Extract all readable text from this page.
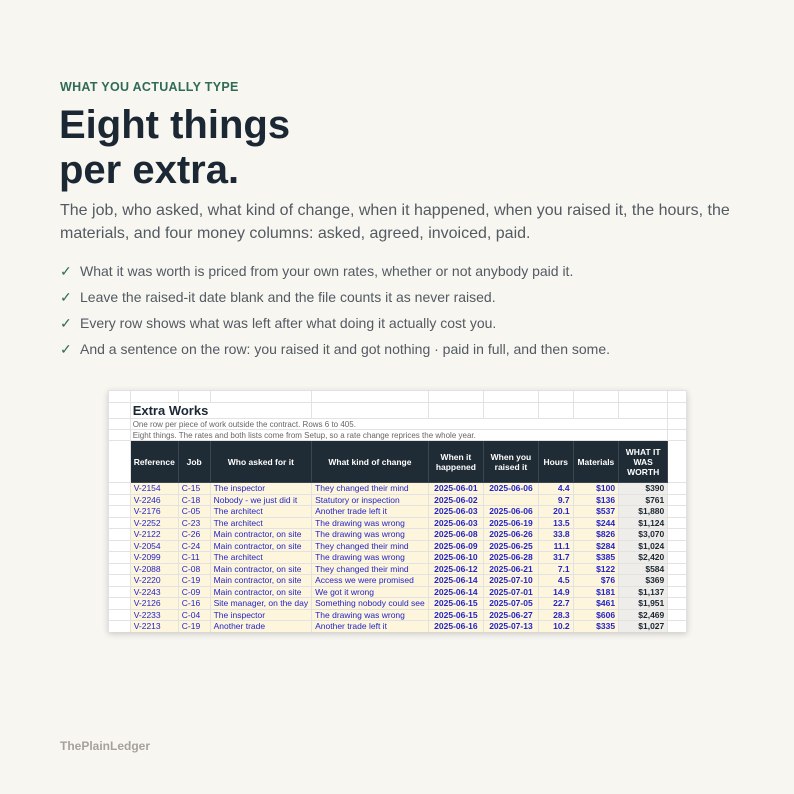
WHAT YOU ACTUALLY TYPE
Eight things
per extra.

The job, who asked, what kind of change, when it happened, when you raised it, the hours, the materials, and four money columns: asked, agreed, invoiced, paid.

✓ What it was worth is priced from your own rates, whether or not anybody paid it.
✓ Leave the raised-it date blank and the file counts it as never raised.
✓ Every row shows what was left after what doing it actually cost you.
✓ And a sentence on the row: you raised it and got nothing · paid in full, and then some.

	Extra Works									
	One row per piece of work outside the contract. Rows 6 to 405.									
	Eight things. The rates and both lists come from Setup, so a rate change reprices the whole year.									
	Reference	Job	Who asked for it	What kind of change	When it happened	When you raised it	Hours	Materials	WHAT IT WAS WORTH	
	V-2154	C-15	The inspector	They changed their mind	2025-06-01	2025-06-06	4.4	$100	$390	
	V-2246	C-18	Nobody - we just did it	Statutory or inspection	2025-06-02		9.7	$136	$761	
	V-2176	C-05	The architect	Another trade left it	2025-06-03	2025-06-06	20.1	$537	$1,880	
	V-2252	C-23	The architect	The drawing was wrong	2025-06-03	2025-06-19	13.5	$244	$1,124	
	V-2122	C-26	Main contractor, on site	The drawing was wrong	2025-06-08	2025-06-26	33.8	$826	$3,070	
	V-2054	C-24	Main contractor, on site	They changed their mind	2025-06-09	2025-06-25	11.1	$284	$1,024	
	V-2099	C-11	The architect	The drawing was wrong	2025-06-10	2025-06-28	31.7	$385	$2,420	
	V-2088	C-08	Main contractor, on site	They changed their mind	2025-06-12	2025-06-21	7.1	$122	$584	
	V-2220	C-19	Main contractor, on site	Access we were promised	2025-06-14	2025-07-10	4.5	$76	$369	
	V-2243	C-09	Main contractor, on site	We got it wrong	2025-06-14	2025-07-01	14.9	$181	$1,137	
	V-2126	C-16	Site manager, on the day	Something nobody could see	2025-06-15	2025-07-05	22.7	$461	$1,951	
	V-2233	C-04	The inspector	The drawing was wrong	2025-06-15	2025-06-27	28.3	$606	$2,469	
	V-2213	C-19	Another trade	Another trade left it	2025-06-16	2025-07-13	10.2	$335	$1,027	
ThePlainLedger
